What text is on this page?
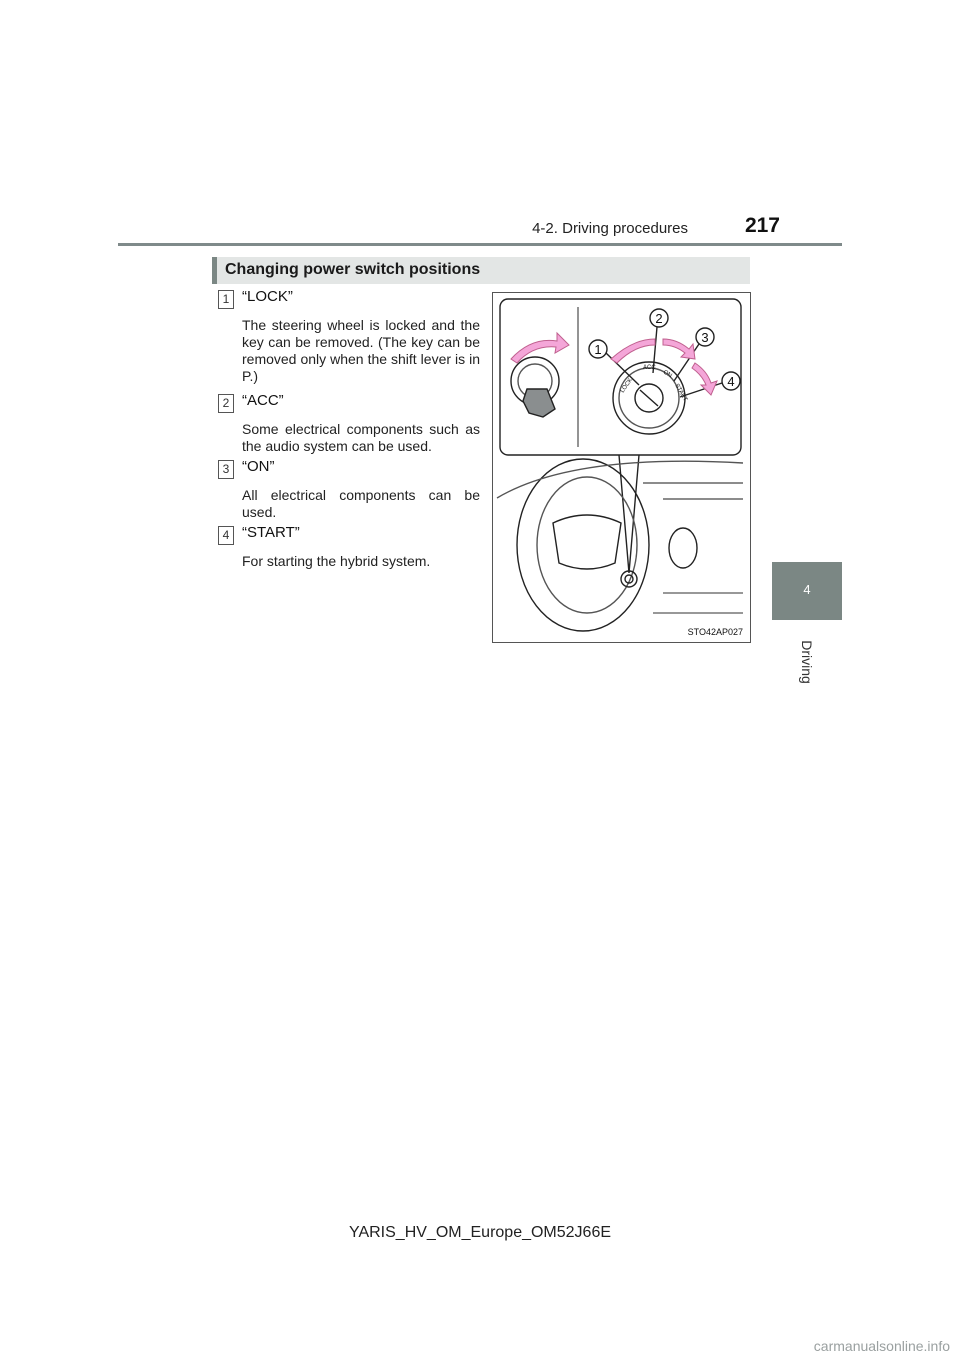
4-2. Driving procedures	217
4
Driving
Changing power switch positions
1 “LOCK”
The steering wheel is locked and the key can be removed. (The key can be removed only when the shift lever is in P.)
2 “ACC”
Some electrical components such as the audio system can be used.
3 “ON”
All electrical components can be used.
4 “START”
For starting the hybrid system.
1
2
3
4
LOCK
ACC
ON
START
STO42AP027
YARIS_HV_OM_Europe_OM52J66E
carmanualsonline.info
